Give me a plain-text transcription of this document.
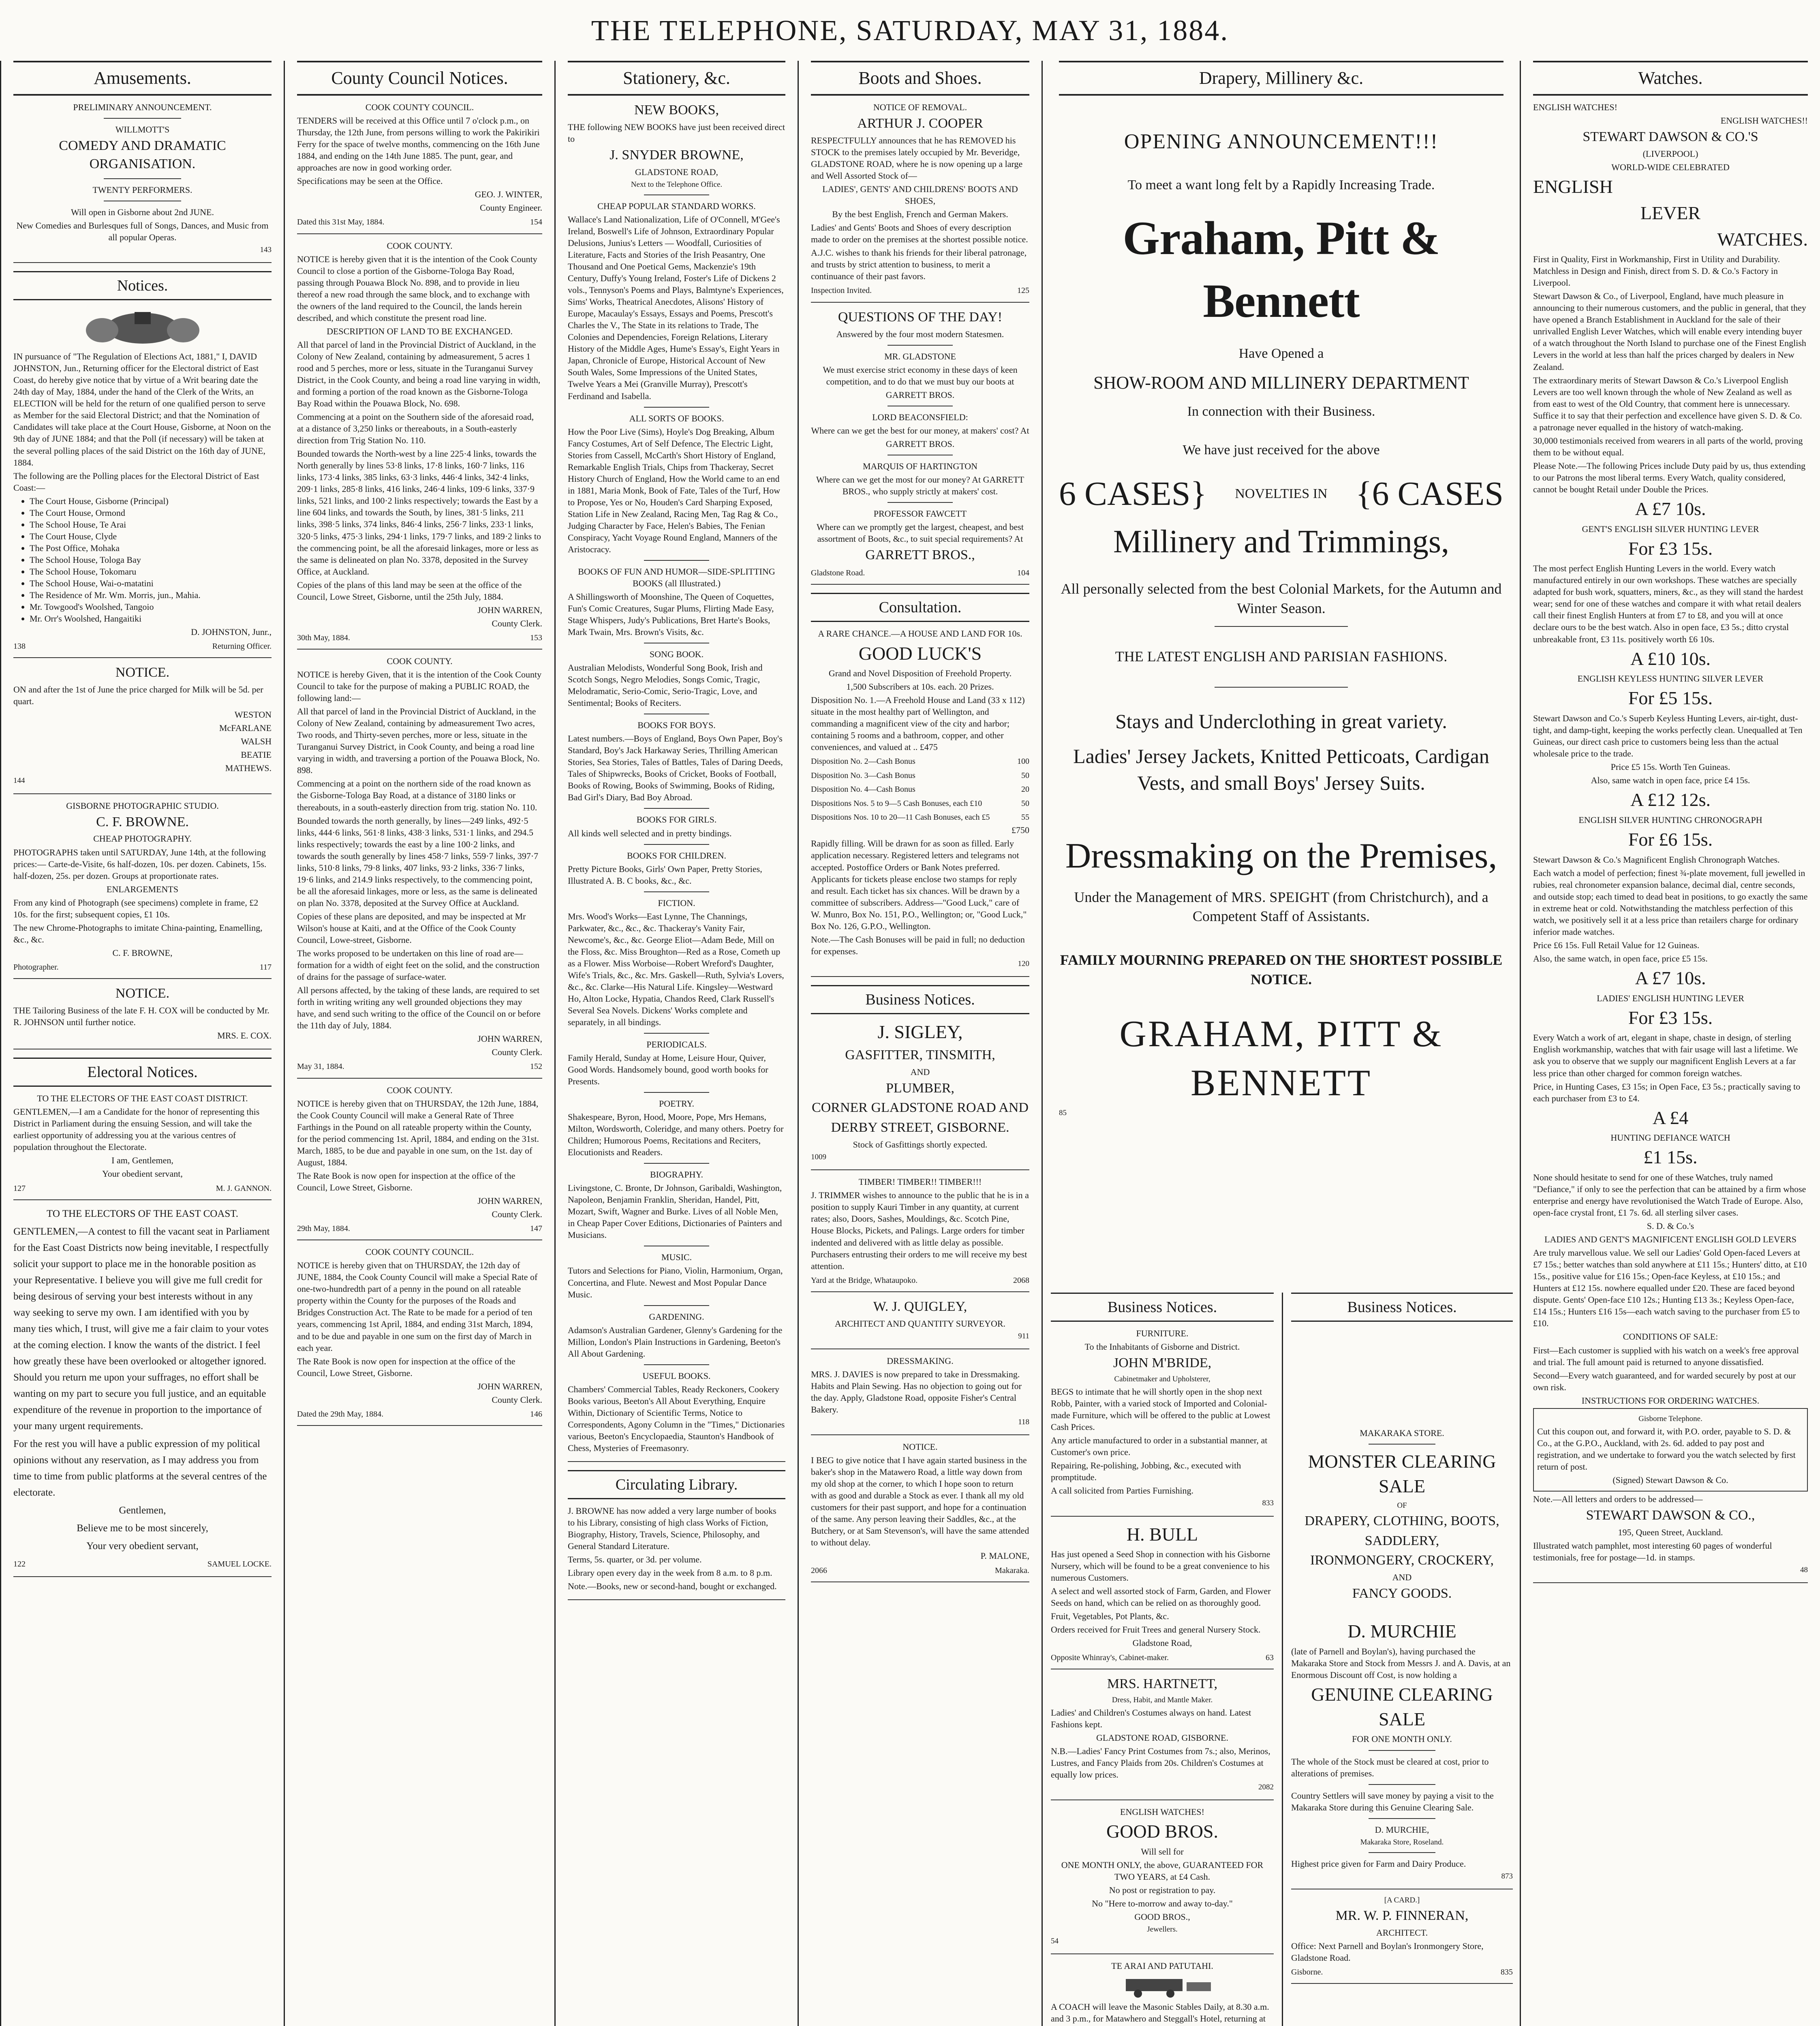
THE TELEPHONE, SATURDAY, MAY 31, 1884.
Amusements.

PRELIMINARY ANNOUNCEMENT.

WILLMOTT'S

COMEDY AND DRAMATIC ORGANISATION.

TWENTY PERFORMERS.

Will open in Gisborne about 2nd JUNE.

New Comedies and Burlesques full of Songs, Dances, and Music from all popular Operas.

143

Notices.

IN pursuance of "The Regulation of Elections Act, 1881," I, DAVID JOHNSTON, Jun., Returning officer for the Electoral district of East Coast, do hereby give notice that by virtue of a Writ bearing date the 24th day of May, 1884, under the hand of the Clerk of the Writs, an ELECTION will be held for the return of one qualified person to serve as Member for the said Electoral District; and that the Nomination of Candidates will take place at the Court House, Gisborne, at Noon on the 9th day of JUNE 1884; and that the Poll (if necessary) will be taken at the several polling places of the said District on the 16th day of JUNE, 1884.

The following are the Polling places for the Electoral District of East Coast:—

• The Court House, Gisborne (Principal)
• The Court House, Ormond
• The School House, Te Arai
• The Court House, Clyde
• The Post Office, Mohaka
• The School House, Tologa Bay
• The School House, Tokomaru
• The School House, Wai-o-matatini
• The Residence of Mr. Wm. Morris, jun., Mahia.
• Mr. Towgood's Woolshed, Tangoio
• Mr. Orr's Woolshed, Hangaitiki

D. JOHNSTON, Junr.,

138	Returning Officer.

NOTICE.

ON and after the 1st of June the price charged for Milk will be 5d. per quart.

WESTON

McFARLANE

WALSH

BEATIE

MATHEWS.

144

GISBORNE PHOTOGRAPHIC STUDIO.

C. F. BROWNE.

CHEAP PHOTOGRAPHY.

PHOTOGRAPHS taken until SATURDAY, June 14th, at the following prices:— Carte-de-Visite, 6s half-dozen, 10s. per dozen. Cabinets, 15s. half-dozen, 25s. per dozen. Groups at proportionate rates.

ENLARGEMENTS

From any kind of Photograph (see specimens) complete in frame, £2 10s. for the first; subsequent copies, £1 10s.

The new Chrome-Photographs to imitate China-painting, Enamelling, &c., &c.

C. F. BROWNE,

Photographer.	117

NOTICE.

THE Tailoring Business of the late F. H. COX will be conducted by Mr. R. JOHNSON until further notice.

MRS. E. COX.

Electoral Notices.

TO THE ELECTORS OF THE EAST COAST DISTRICT.

GENTLEMEN,—I am a Candidate for the honor of representing this District in Parliament during the ensuing Session, and will take the earliest opportunity of addressing you at the various centres of population throughout the Electorate.

I am, Gentlemen,

Your obedient servant,

127	M. J. GANNON.

TO THE ELECTORS OF THE EAST COAST.

GENTLEMEN,—A contest to fill the vacant seat in Parliament for the East Coast Districts now being inevitable, I respectfully solicit your support to place me in the honorable position as your Representative. I believe you will give me full credit for being desirous of serving your best interests without in any way seeking to serve my own. I am identified with you by many ties which, I trust, will give me a fair claim to your votes at the coming election. I know the wants of the district. I feel how greatly these have been overlooked or altogether ignored. Should you return me upon your suffrages, no effort shall be wanting on my part to secure you full justice, and an equitable expenditure of the revenue in proportion to the importance of your many urgent requirements.

For the rest you will have a public expression of my political opinions without any reservation, as I may address you from time to time from public platforms at the several centres of the electorate.

Gentlemen,

Believe me to be most sincerely,

Your very obedient servant,

122	SAMUEL LOCKE.
County Council Notices.

COOK COUNTY COUNCIL.

TENDERS will be received at this Office until 7 o'clock p.m., on Thursday, the 12th June, from persons willing to work the Pakirikiri Ferry for the space of twelve months, commencing on the 16th June 1884, and ending on the 14th June 1885. The punt, gear, and approaches are now in good working order.

Specifications may be seen at the Office.

GEO. J. WINTER,

County Engineer.

Dated this 31st May, 1884.	154

COOK COUNTY.

NOTICE is hereby given that it is the intention of the Cook County Council to close a portion of the Gisborne-Tologa Bay Road, passing through Pouawa Block No. 898, and to provide in lieu thereof a new road through the same block, and to exchange with the owners of the land required to the Council, the lands herein described, and which constitute the present road line.

DESCRIPTION OF LAND TO BE EXCHANGED.

All that parcel of land in the Provincial District of Auckland, in the Colony of New Zealand, containing by admeasurement, 5 acres 1 rood and 5 perches, more or less, situate in the Turanganui Survey District, in the Cook County, and being a road line varying in width, and forming a portion of the road known as the Gisborne-Tologa Bay Road within the Pouawa Block, No. 698.

Commencing at a point on the Southern side of the aforesaid road, at a distance of 3,250 links or thereabouts, in a South-easterly direction from Trig Station No. 110.

Bounded towards the North-west by a line 225·4 links, towards the North generally by lines 53·8 links, 17·8 links, 160·7 links, 116 links, 173·4 links, 385 links, 63·3 links, 446·4 links, 342·4 links, 209·1 links, 285·8 links, 416 links, 246·4 links, 109·6 links, 337·9 links, 521 links, and 100·2 links respectively; towards the East by a line 604 links, and towards the South, by lines, 381·5 links, 211 links, 398·5 links, 374 links, 846·4 links, 256·7 links, 233·1 links, 320·5 links, 475·3 links, 294·1 links, 179·7 links, and 189·2 links to the commencing point, be all the aforesaid linkages, more or less as the same is delineated on plan No. 3378, deposited in the Survey Office, at Auckland.

Copies of the plans of this land may be seen at the office of the Council, Lowe Street, Gisborne, until the 25th July, 1884.

JOHN WARREN,

County Clerk.

30th May, 1884.	153

COOK COUNTY.

NOTICE is hereby Given, that it is the intention of the Cook County Council to take for the purpose of making a PUBLIC ROAD, the following land:—

All that parcel of land in the Provincial District of Auckland, in the Colony of New Zealand, containing by admeasurement Two acres, Two roods, and Thirty-seven perches, more or less, situate in the Turanganui Survey District, in Cook County, and being a road line varying in width, and traversing a portion of the Pouawa Block, No. 898.

Commencing at a point on the northern side of the road known as the Gisborne-Tologa Bay Road, at a distance of 3180 links or thereabouts, in a south-easterly direction from trig. station No. 110.

Bounded towards the north generally, by lines—249 links, 492·5 links, 444·6 links, 561·8 links, 438·3 links, 531·1 links, and 294.5 links respectively; towards the east by a line 100·2 links, and towards the south generally by lines 458·7 links, 559·7 links, 397·7 links, 510·8 links, 79·8 links, 407 links, 93·2 links, 336·7 links, 19·6 links, and 214.9 links respectively, to the commencing point, be all the aforesaid linkages, more or less, as the same is delineated on plan No. 3378, deposited at the Survey Office at Auckland.

Copies of these plans are deposited, and may be inspected at Mr Wilson's house at Kaiti, and at the Office of the Cook County Council, Lowe-street, Gisborne.

The works proposed to be undertaken on this line of road are—formation for a width of eight feet on the solid, and the construction of drains for the passage of surface-water.

All persons affected, by the taking of these lands, are required to set forth in writing writing any well grounded objections they may have, and send such writing to the office of the Council on or before the 11th day of July, 1884.

JOHN WARREN,

County Clerk.

May 31, 1884.	152

COOK COUNTY.

NOTICE is hereby given that on THURSDAY, the 12th June, 1884, the Cook County Council will make a General Rate of Three Farthings in the Pound on all rateable property within the County, for the period commencing 1st. April, 1884, and ending on the 31st. March, 1885, to be due and payable in one sum, on the 1st. day of August, 1884.

The Rate Book is now open for inspection at the office of the Council, Lowe Street, Gisborne.

JOHN WARREN,

County Clerk.

29th May, 1884.	147

COOK COUNTY COUNCIL.

NOTICE is hereby given that on THURSDAY, the 12th day of JUNE, 1884, the Cook County Council will make a Special Rate of one-two-hundredth part of a penny in the pound on all rateable property within the County for the purposes of the Roads and Bridges Construction Act. The Rate to be made for a period of ten years, commencing 1st April, 1884, and ending 31st March, 1894, and to be due and payable in one sum on the first day of March in each year.

The Rate Book is now open for inspection at the office of the Council, Lowe Street, Gisborne.

JOHN WARREN,

County Clerk.

Dated the 29th May, 1884.	146
Stationery, &c.

NEW BOOKS,

THE following NEW BOOKS have just been received direct to

J. SNYDER BROWNE,

GLADSTONE ROAD,

Next to the Telephone Office.

CHEAP POPULAR STANDARD WORKS.

Wallace's Land Nationalization, Life of O'Connell, M'Gee's Ireland, Boswell's Life of Johnson, Extraordinary Popular Delusions, Junius's Letters — Woodfall, Curiosities of Literature, Facts and Stories of the Irish Peasantry, One Thousand and One Poetical Gems, Mackenzie's 19th Century, Duffy's Young Ireland, Foster's Life of Dickens 2 vols., Tennyson's Poems and Plays, Balmtyne's Experiences, Sims' Works, Theatrical Anecdotes, Alisons' History of Europe, Macaulay's Essays, Essays and Poems, Prescott's Charles the V., The State in its relations to Trade, The Colonies and Dependencies, Foreign Relations, Literary History of the Middle Ages, Hume's Essay's, Eight Years in Japan, Chronicle of Europe, Historical Account of New South Wales, Some Impressions of the United States, Twelve Years a Mei (Granville Murray), Prescott's Ferdinand and Isabella.

ALL SORTS OF BOOKS.

How the Poor Live (Sims), Hoyle's Dog Breaking, Album Fancy Costumes, Art of Self Defence, The Electric Light, Stories from Cassell, McCarth's Short History of England, Remarkable English Trials, Chips from Thackeray, Secret History Church of England, How the World came to an end in 1881, Maria Monk, Book of Fate, Tales of the Turf, How to Propose, Yes or No, Houden's Card Sharping Exposed, Station Life in New Zealand, Racing Men, Tag Rag & Co., Judging Character by Face, Helen's Babies, The Fenian Conspiracy, Yacht Voyage Round England, Manners of the Aristocracy.

BOOKS OF FUN AND HUMOR—SIDE-SPLITTING BOOKS (all Illustrated.)

A Shillingsworth of Moonshine, The Queen of Coquettes, Fun's Comic Creatures, Sugar Plums, Flirting Made Easy, Stage Whispers, Judy's Publications, Bret Harte's Books, Mark Twain, Mrs. Brown's Visits, &c.

SONG BOOK.

Australian Melodists, Wonderful Song Book, Irish and Scotch Songs, Negro Melodies, Songs Comic, Tragic, Melodramatic, Serio-Comic, Serio-Tragic, Love, and Sentimental; Books of Reciters.

BOOKS FOR BOYS.

Latest numbers.—Boys of England, Boys Own Paper, Boy's Standard, Boy's Jack Harkaway Series, Thrilling American Stories, Sea Stories, Tales of Battles, Tales of Daring Deeds, Tales of Shipwrecks, Books of Cricket, Books of Football, Books of Rowing, Books of Swimming, Books of Riding, Bad Girl's Diary, Bad Boy Abroad.

BOOKS FOR GIRLS.

All kinds well selected and in pretty bindings.

BOOKS FOR CHILDREN.

Pretty Picture Books, Girls' Own Paper, Pretty Stories, Illustrated A. B. C books, &c., &c.

FICTION.

Mrs. Wood's Works—East Lynne, The Channings, Parkwater, &c., &c., &c. Thackeray's Vanity Fair, Newcome's, &c., &c. George Eliot—Adam Bede, Mill on the Floss, &c. Miss Broughton—Red as a Rose, Cometh up as a Flower. Miss Worboise—Robert Wreford's Daughter, Wife's Trials, &c., &c. Mrs. Gaskell—Ruth, Sylvia's Lovers, &c., &c. Clarke—His Natural Life. Kingsley—Westward Ho, Alton Locke, Hypatia, Chandos Reed, Clark Russell's Several Sea Novels. Dickens' Works complete and separately, in all bindings.

PERIODICALS.

Family Herald, Sunday at Home, Leisure Hour, Quiver, Good Words. Handsomely bound, good worth books for Presents.

POETRY.

Shakespeare, Byron, Hood, Moore, Pope, Mrs Hemans, Milton, Wordsworth, Coleridge, and many others. Poetry for Children; Humorous Poems, Recitations and Reciters, Elocutionists and Readers.

BIOGRAPHY.

Livingstone, C. Bronte, Dr Johnson, Garibaldi, Washington, Napoleon, Benjamin Franklin, Sheridan, Handel, Pitt, Mozart, Swift, Wagner and Burke. Lives of all Noble Men, in Cheap Paper Cover Editions, Dictionaries of Painters and Musicians.

MUSIC.

Tutors and Selections for Piano, Violin, Harmonium, Organ, Concertina, and Flute. Newest and Most Popular Dance Music.

GARDENING.

Adamson's Australian Gardener, Glenny's Gardening for the Million, London's Plain Instructions in Gardening, Beeton's All About Gardening.

USEFUL BOOKS.

Chambers' Commercial Tables, Ready Reckoners, Cookery Books various, Beeton's All About Everything, Enquire Within, Dictionary of Scientific Terms, Notice to Correspondents, Agony Column in the "Times," Dictionaries various, Beeton's Encyclopaedia, Staunton's Handbook of Chess, Mysteries of Freemasonry.

Circulating Library.

J. BROWNE has now added a very large number of books to his Library, consisting of high class Works of Fiction, Biography, History, Travels, Science, Philosophy, and General Standard Literature.

Terms, 5s. quarter, or 3d. per volume.

Library open every day in the week from 8 a.m. to 8 p.m.

Note.—Books, new or second-hand, bought or exchanged.

Boots and Shoes.

NOTICE OF REMOVAL.

ARTHUR J. COOPER

RESPECTFULLY announces that he has REMOVED his STOCK to the premises lately occupied by Mr. Beveridge, GLADSTONE ROAD, where he is now opening up a large and Well Assorted Stock of—

LADIES', GENTS' AND CHILDRENS' BOOTS AND SHOES,

By the best English, French and German Makers.

Ladies' and Gents' Boots and Shoes of every description made to order on the premises at the shortest possible notice.

A.J.C. wishes to thank his friends for their liberal patronage, and trusts by strict attention to business, to merit a continuance of their past favors.

Inspection Invited.	125

QUESTIONS OF THE DAY!

Answered by the four most modern Statesmen.

MR. GLADSTONE

We must exercise strict economy in these days of keen competition, and to do that we must buy our boots at

GARRETT BROS.

LORD BEACONSFIELD:

Where can we get the best for our money, at makers' cost? At

GARRETT BROS.

MARQUIS OF HARTINGTON

Where can we get the most for our money? At GARRETT BROS., who supply strictly at makers' cost.

PROFESSOR FAWCETT

Where can we promptly get the largest, cheapest, and best assortment of Boots, &c., to suit special requirements? At

GARRETT BROS.,

Gladstone Road.	104
Consultation.

A RARE CHANCE.—A HOUSE AND LAND FOR 10s.

GOOD LUCK'S

Grand and Novel Disposition of Freehold Property.

1,500 Subscribers at 10s. each. 20 Prizes.

Disposition No. 1.—A Freehold House and Land (33 x 112) situate in the most healthy part of Wellington, and commanding a magnificent view of the city and harbor; containing 5 rooms and a bathroom, copper, and other conveniences, and valued at .. £475

Disposition No. 2—Cash Bonus	100
Disposition No. 3—Cash Bonus	50
Disposition No. 4—Cash Bonus	20
Dispositions Nos. 5 to 9—5 Cash Bonuses, each £10	50
Dispositions Nos. 10 to 20—11 Cash Bonuses, each £5	55

£750

Rapidly filling. Will be drawn for as soon as filled. Early application necessary. Registered letters and telegrams not accepted. Postoffice Orders or Bank Notes preferred. Applicants for tickets please enclose two stamps for reply and result. Each ticket has six chances. Will be drawn by a committee of subscribers. Address—"Good Luck," care of W. Munro, Box No. 151, P.O., Wellington; or, "Good Luck," Box No. 126, G.P.O., Wellington.

Note.—The Cash Bonuses will be paid in full; no deduction for expenses.

120

Business Notices.

J. SIGLEY,

GASFITTER, TINSMITH,

AND

PLUMBER,

CORNER GLADSTONE ROAD AND

DERBY STREET, GISBORNE.

Stock of Gasfittings shortly expected.

1009

TIMBER! TIMBER!! TIMBER!!!

J. TRIMMER wishes to announce to the public that he is in a position to supply Kauri Timber in any quantity, at current rates; also, Doors, Sashes, Mouldings, &c. Scotch Pine, House Blocks, Pickets, and Palings. Large orders for timber indented and delivered with as little delay as possible. Purchasers entrusting their orders to me will receive my best attention.

Yard at the Bridge, Whataupoko.	2068

W. J. QUIGLEY,

ARCHITECT AND QUANTITY SURVEYOR.

911

DRESSMAKING.

MRS. J. DAVIES is now prepared to take in Dressmaking. Habits and Plain Sewing. Has no objection to going out for the day. Apply, Gladstone Road, opposite Fisher's Central Bakery.

118

NOTICE.

I BEG to give notice that I have again started business in the baker's shop in the Matawero Road, a little way down from my old shop at the corner, to which I hope soon to return with as good and durable a Stock as ever. I thank all my old customers for their past support, and hope for a continuation of the same. Any person leaving their Saddles, &c., at the Butchery, or at Sam Stevenson's, will have the same attended to without delay.

P. MALONE,

2066	Makaraka.
Drapery, Millinery &c.
OPENING ANNOUNCEMENT!!!
To meet a want long felt by a Rapidly Increasing Trade.
Graham, Pitt & Bennett
Have Opened a
SHOW-ROOM AND MILLINERY DEPARTMENT
In connection with their Business.
We have just received for the above
6 CASES} NOVELTIES IN {6 CASES
Millinery and Trimmings,
All personally selected from the best Colonial Markets, for the Autumn and Winter Season.
THE LATEST ENGLISH AND PARISIAN FASHIONS.
Stays and Underclothing in great variety.
Ladies' Jersey Jackets, Knitted Petticoats, Cardigan Vests, and small Boys' Jersey Suits.
Dressmaking on the Premises,
Under the Management of MRS. SPEIGHT (from Christchurch), and a Competent Staff of Assistants.
FAMILY MOURNING PREPARED ON THE SHORTEST POSSIBLE NOTICE.
GRAHAM, PITT & BENNETT
85
Business Notices.

FURNITURE.

To the Inhabitants of Gisborne and District.

JOHN M'BRIDE,

Cabinetmaker and Upholsterer,

BEGS to intimate that he will shortly open in the shop next Robb, Painter, with a varied stock of Imported and Colonial-made Furniture, which will be offered to the public at Lowest Cash Prices.

Any article manufactured to order in a substantial manner, at Customer's own price.

Repairing, Re-polishing, Jobbing, &c., executed with promptitude.

A call solicited from Parties Furnishing.

833

H. BULL

Has just opened a Seed Shop in connection with his Gisborne Nursery, which will be found to be a great convenience to his numerous Customers.

A select and well assorted stock of Farm, Garden, and Flower Seeds on hand, which can be relied on as thoroughly good.

Fruit, Vegetables, Pot Plants, &c.

Orders received for Fruit Trees and general Nursery Stock.

Gladstone Road,

Opposite Whinray's, Cabinet-maker.	63

MRS. HARTNETT,

Dress, Habit, and Mantle Maker.

Ladies' and Children's Costumes always on hand. Latest Fashions kept.

GLADSTONE ROAD, GISBORNE.

N.B.—Ladies' Fancy Print Costumes from 7s.; also, Merinos, Lustres, and Fancy Plaids from 20s. Children's Costumes at equally low prices.

2082

ENGLISH WATCHES!

GOOD BROS.

Will sell for

ONE MONTH ONLY, the above, GUARANTEED FOR TWO YEARS, at £4 Cash.

No post or registration to pay.

No "Here to-morrow and away to-day."

GOOD BROS.,

Jewellers.

54

TE ARAI AND PATUTAHI.

A COACH will leave the Masonic Stables Daily, at 8.30 a.m. and 3 p.m., for Matawhero and Steggall's Hotel, returning at

Business Notices.

MAKARAKA STORE.

MONSTER CLEARING SALE

OF

DRAPERY, CLOTHING, BOOTS,

SADDLERY,

IRONMONGERY, CROCKERY,

AND

FANCY GOODS.

D. MURCHIE

(late of Parnell and Boylan's), having purchased the Makaraka Store and Stock from Messrs J. and A. Davis, at an Enormous Discount off Cost, is now holding a

GENUINE CLEARING SALE

FOR ONE MONTH ONLY.

The whole of the Stock must be cleared at cost, prior to alterations of premises.

Country Settlers will save money by paying a visit to the Makaraka Store during this Genuine Clearing Sale.

D. MURCHIE,

Makaraka Store, Roseland.

Highest price given for Farm and Dairy Produce.

873

[A CARD.]

MR. W. P. FINNERAN,

ARCHITECT.

Office: Next Parnell and Boylan's Ironmongery Store, Gladstone Road.

Gisborne.	835
Watches.

ENGLISH WATCHES!

ENGLISH WATCHES!!

STEWART DAWSON & CO.'S

(LIVERPOOL)

WORLD-WIDE CELEBRATED

ENGLISH

LEVER

WATCHES.

First in Quality, First in Workmanship, First in Utility and Durability. Matchless in Design and Finish, direct from S. D. & Co.'s Factory in Liverpool.

Stewart Dawson & Co., of Liverpool, England, have much pleasure in announcing to their numerous customers, and the public in general, that they have opened a Branch Establishment in Auckland for the sale of their unrivalled English Lever Watches, which will enable every intending buyer of a watch throughout the North Island to purchase one of the Finest English Levers in the world at less than half the prices charged by dealers in New Zealand.

The extraordinary merits of Stewart Dawson & Co.'s Liverpool English Levers are too well known through the whole of New Zealand as well as from east to west of the Old Country, that comment here is unnecessary. Suffice it to say that their perfection and excellence have given S. D. & Co. a patronage never equalled in the history of watch-making.

30,000 testimonials received from wearers in all parts of the world, proving them to be without equal.

Please Note.—The following Prices include Duty paid by us, thus extending to our Patrons the most liberal terms. Every Watch, quality considered, cannot be bought Retail under Double the Prices.

A £7 10s.

GENT'S ENGLISH SILVER HUNTING LEVER

For £3 15s.

The most perfect English Hunting Levers in the world. Every watch manufactured entirely in our own workshops. These watches are specially adapted for bush work, squatters, miners, &c., as they will stand the hardest wear; send for one of these watches and compare it with what retail dealers call their finest English Hunters at from £7 to £8, and you will at once declare ours to be the best watch. Also in open face, £3 5s.; ditto crystal unbreakable front, £3 11s. positively worth £6 10s.

A £10 10s.

ENGLISH KEYLESS HUNTING SILVER LEVER

For £5 15s.

Stewart Dawson and Co.'s Superb Keyless Hunting Levers, air-tight, dust-tight, and damp-tight, keeping the works perfectly clean. Unequalled at Ten Guineas, our direct cash price to customers being less than the actual wholesale price to the trade.

Price £5 15s. Worth Ten Guineas.

Also, same watch in open face, price £4 15s.

A £12 12s.

ENGLISH SILVER HUNTING CHRONOGRAPH

For £6 15s.

Stewart Dawson & Co.'s Magnificent English Chronograph Watches.

Each watch a model of perfection; finest ¾-plate movement, full jewelled in rubies, real chronometer expansion balance, decimal dial, centre seconds, and outside stop; each timed to dead beat in positions, to go exactly the same in extreme heat or cold. Notwithstanding the matchless perfection of this watch, we positively sell it at a less price than retailers charge for ordinary inferior made watches.

Price £6 15s. Full Retail Value for 12 Guineas.

Also, the same watch, in open face, price £5 15s.

A £7 10s.

LADIES' ENGLISH HUNTING LEVER

For £3 15s.

Every Watch a work of art, elegant in shape, chaste in design, of sterling English workmanship, watches that with fair usage will last a lifetime. We ask you to observe that we supply our magnificent English Levers at a far less price than other charged for common foreign watches.

Price, in Hunting Cases, £3 15s; in Open Face, £3 5s.; practically saving to each purchaser from £3 to £4.

A £4

HUNTING DEFIANCE WATCH

£1 15s.

None should hesitate to send for one of these Watches, truly named "Defiance," if only to see the perfection that can be attained by a firm whose enterprise and energy have revolutionised the Watch Trade of Europe. Also, open-face crystal front, £1 7s. 6d. all sterling silver cases.

S. D. & Co.'s

LADIES AND GENT'S MAGNIFICENT ENGLISH GOLD LEVERS

Are truly marvellous value. We sell our Ladies' Gold Open-faced Levers at £7 15s.; better watches than sold anywhere at £11 15s.; Hunters' ditto, at £10 15s., positive value for £16 15s.; Open-face Keyless, at £10 15s.; and Hunters at £12 15s. nowhere equalled under £20. These are faced beyond dispute. Gents' Open-face £10 12s.; Hunting £13 3s.; Keyless Open-face, £14 15s.; Hunters £16 15s—each watch saving to the purchaser from £5 to £10.

CONDITIONS OF SALE:

First—Each customer is supplied with his watch on a week's free approval and trial. The full amount paid is returned to anyone dissatisfied.

Second—Every watch guaranteed, and for warded securely by post at our own risk.

INSTRUCTIONS FOR ORDERING WATCHES.

Gisborne Telephone.

Cut this coupon out, and forward it, with P.O. order, payable to S. D. & Co., at the G.P.O., Auckland, with 2s. 6d. added to pay post and registration, and we undertake to forward you the watch selected by first return of post.

(Signed) Stewart Dawson & Co.

Note.—All letters and orders to be addressed—

STEWART DAWSON & CO.,

195, Queen Street, Auckland.

Illustrated watch pamphlet, most interesting 60 pages of wonderful testimonials, free for postage—1d. in stamps.

48
